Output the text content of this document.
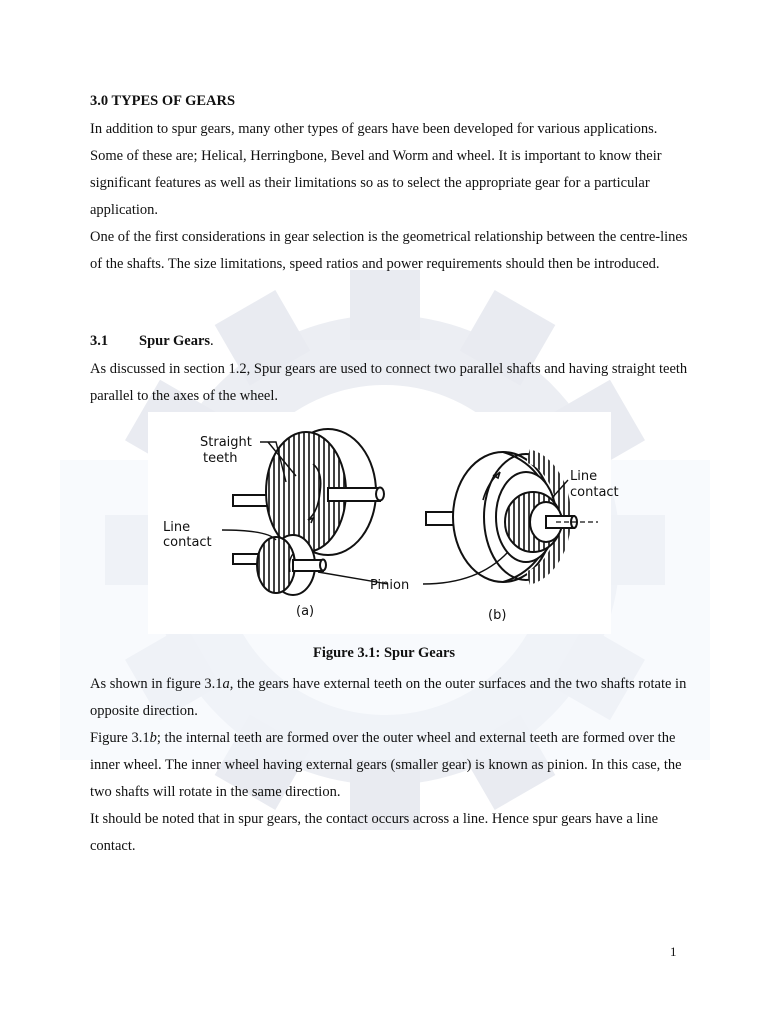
3.0 TYPES OF GEARS

In addition to spur gears, many other types of gears have been developed for various applications. Some of these are; Helical, Herringbone, Bevel and Worm and wheel. It is important to know their significant features as well as their limitations so as to select the appropriate gear for a particular application.

One of the first considerations in gear selection is the geometrical relationship between the centre-lines of the shafts. The size limitations, speed ratios and power requirements should then be introduced.

3.1 Spur Gears.
As discussed in section 1.2, Spur gears are used to connect two parallel shafts and having straight teeth parallel to the axes of the wheel.
Straight
teeth
Line
contact
Pinion
Line
contact
(a)	(b)
Figure 3.1: Spur Gears

As shown in figure 3.1a, the gears have external teeth on the outer surfaces and the two shafts rotate in opposite direction.

Figure 3.1b; the internal teeth are formed over the outer wheel and external teeth are formed over the inner wheel. The inner wheel having external gears (smaller gear) is known as pinion. In this case, the two shafts will rotate in the same direction.

It should be noted that in spur gears, the contact occurs across a line. Hence spur gears have a line contact.

1
